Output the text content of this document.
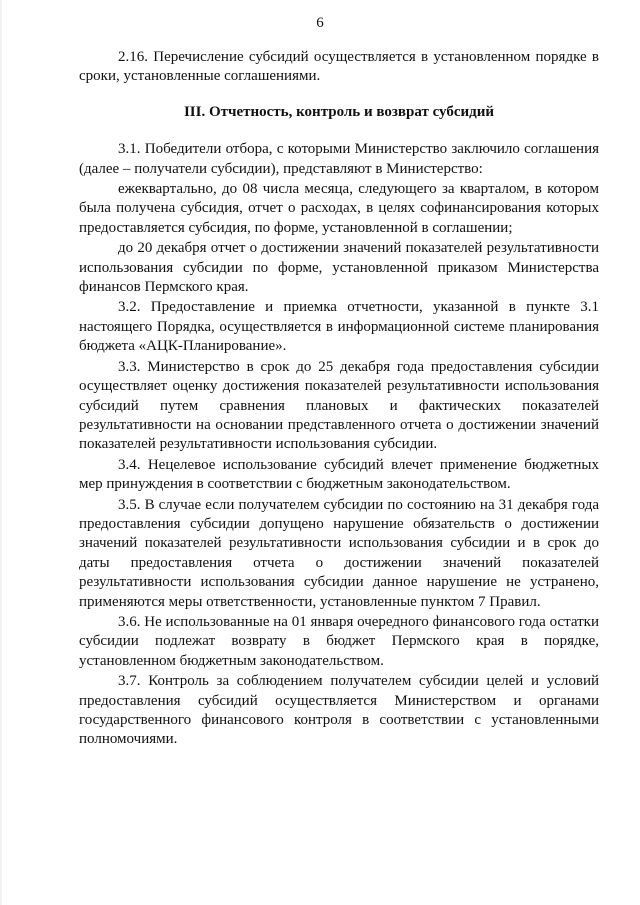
6

2.16. Перечисление субсидий осуществляется в установленном порядке в сроки, установленные соглашениями.

III. Отчетность, контроль и возврат субсидий

3.1. Победители отбора, с которыми Министерство заключило соглашения (далее – получатели субсидии), представляют в Министерство:

ежеквартально, до 08 числа месяца, следующего за кварталом, в котором была получена субсидия, отчет о расходах, в целях софинансирования которых предоставляется субсидия, по форме, установленной в соглашении;

до 20 декабря отчет о достижении значений показателей результативности использования субсидии по форме, установленной приказом Министерства финансов Пермского края.

3.2. Предоставление и приемка отчетности, указанной в пункте 3.1 настоящего Порядка, осуществляется в информационной системе планирования бюджета «АЦК-Планирование».

3.3. Министерство в срок до 25 декабря года предоставления субсидии осуществляет оценку достижения показателей результативности использования субсидий путем сравнения плановых и фактических показателей результативности на основании представленного отчета о достижении значений показателей результативности использования субсидии.

3.4. Нецелевое использование субсидий влечет применение бюджетных мер принуждения в соответствии с бюджетным законодательством.

3.5. В случае если получателем субсидии по состоянию на 31 декабря года предоставления субсидии допущено нарушение обязательств о достижении значений показателей результативности использования субсидии и в срок до даты предоставления отчета о достижении значений показателей результативности использования субсидии данное нарушение не устранено, применяются меры ответственности, установленные пунктом 7 Правил.

3.6. Не использованные на 01 января очередного финансового года остатки субсидии подлежат возврату в бюджет Пермского края в порядке, установленном бюджетным законодательством.

3.7. Контроль за соблюдением получателем субсидии целей и условий предоставления субсидий осуществляется Министерством и органами государственного финансового контроля в соответствии с установленными полномочиями.
